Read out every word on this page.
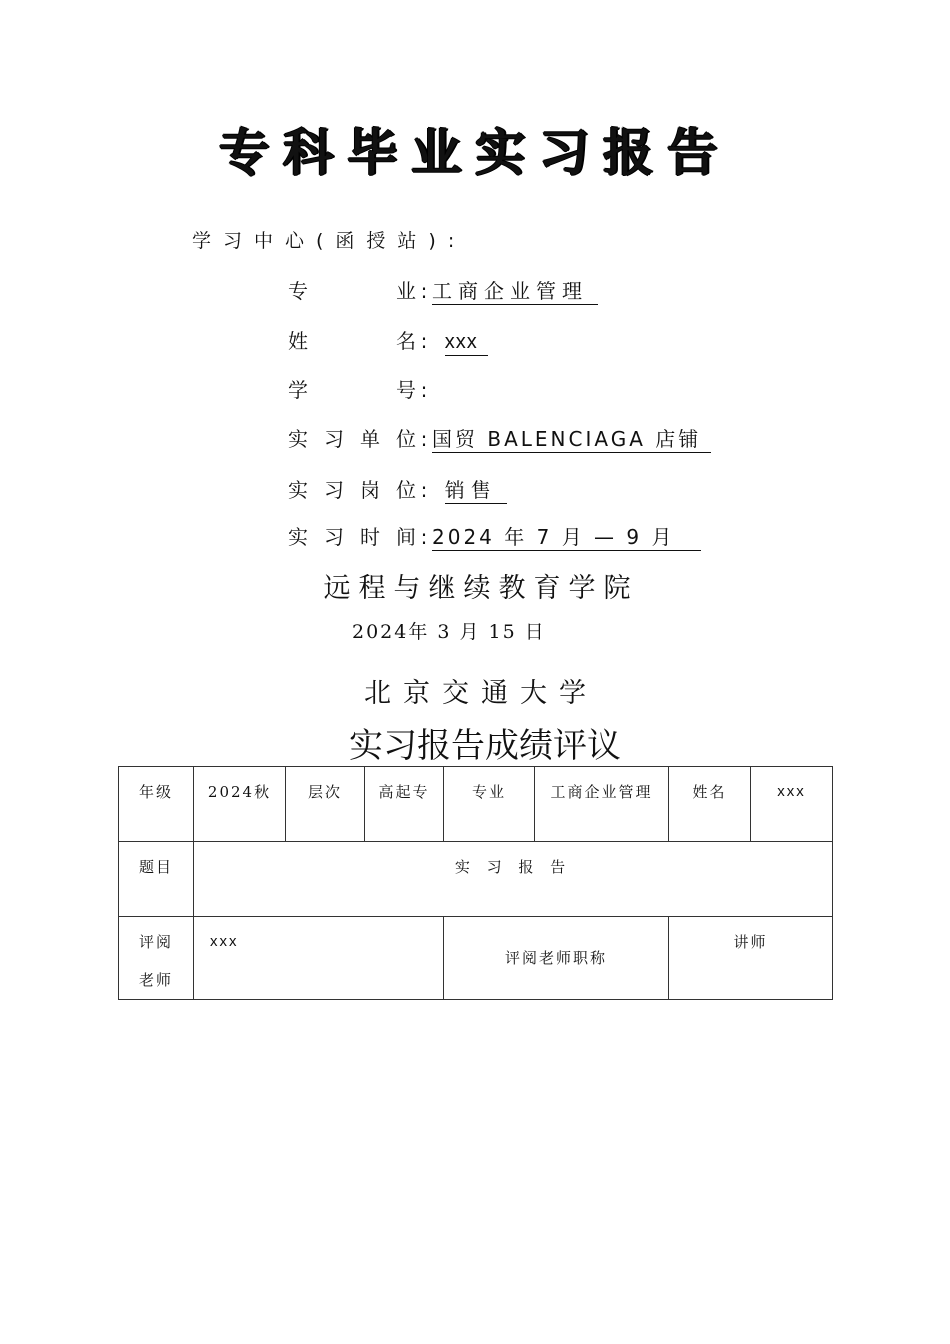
专科毕业实习报告
学习中心(函授站):
专业 : 工商企业管理
姓名 : xxx
学号 :
实习单位 : 国贸 BALENCIAGA 店铺
实习岗位 : 销售
实习时间 :2024 年 7 月 — 9 月
远程与继续教育学院
2024年 3 月 15 日
北京交通大学
实习报告成绩评议
年级	2024秋	层次	高起专	专业	工商企业管理	姓名	xxx
题目	实 习 报 告						
评阅老师	xxx			评阅老师职称		讲师	
